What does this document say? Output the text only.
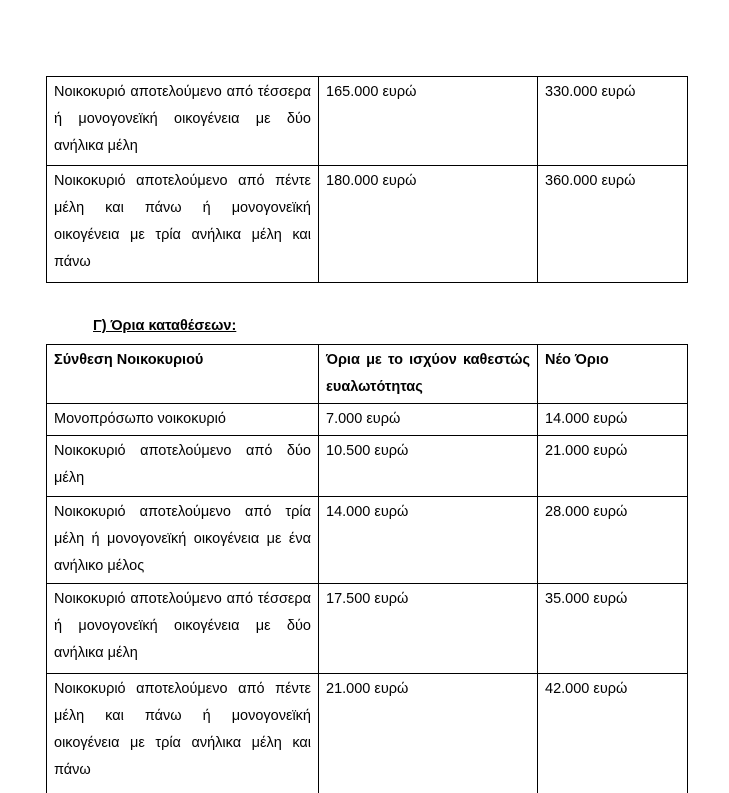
Νοικοκυριό αποτελούμενο από τέσσερα ή μονογονεϊκή οικογένεια με δύο ανήλικα μέλη	165.000 ευρώ	330.000 ευρώ
Νοικοκυριό αποτελούμενο από πέντε μέλη και πάνω ή μονογονεϊκή οικογένεια με τρία ανήλικα μέλη και πάνω	180.000 ευρώ	360.000 ευρώ

Γ) Όρια καταθέσεων:

Σύνθεση Νοικοκυριού	Όρια με το ισχύον καθεστώς ευαλωτότητας	Νέο Όριο
Μονοπρόσωπο νοικοκυριό	7.000 ευρώ	14.000 ευρώ
Νοικοκυριό αποτελούμενο από δύο μέλη	10.500 ευρώ	21.000 ευρώ
Νοικοκυριό αποτελούμενο από τρία μέλη ή μονογονεϊκή οικογένεια με ένα ανήλικο μέλος	14.000 ευρώ	28.000 ευρώ
Νοικοκυριό αποτελούμενο από τέσσερα ή μονογονεϊκή οικογένεια με δύο ανήλικα μέλη	17.500 ευρώ	35.000 ευρώ
Νοικοκυριό αποτελούμενο από πέντε μέλη και πάνω ή μονογονεϊκή οικογένεια με τρία ανήλικα μέλη και πάνω	21.000 ευρώ	42.000 ευρώ
